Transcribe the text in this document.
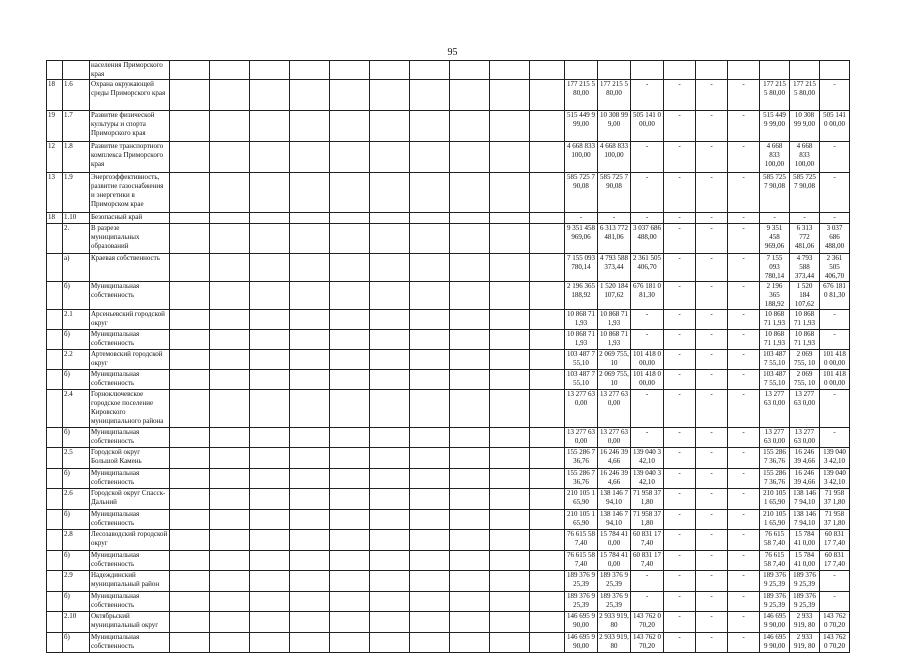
95
		населения Приморского края																			
18	1.6	Охрана окружающей среды Приморского края											177 215 5 80,00	177 215 5 80,00	-	-	-	-	177 215 5 80,00	177 215 5 80,00	-
19	1.7	Развитие физической культуры и спорта Приморского края											515 449 9 99,00	10 308 99 9,00	505 141 0 00,00	-	-	-	515 449 9 99,00	10 308 99 9,00	505 141 0 00,00
12	1.8	Развитие транспортного комплекса Приморского края											4 668 833 100,00	4 668 833 100,00	-	-	-	-	4 668 833 100,00	4 668 833 100,00	-
13	1.9	Энергоэффективность, развитие газоснабжения и энергетики в Приморском крае											585 725 7 90,08	585 725 7 90,08	-	-	-	-	585 725 7 90,08	585 725 7 90,08	-
18	1.10	Безопасный край											-	-	-	-	-	-	-	-	-
	2.	В разрезе муниципальных образований											9 351 458 969,06	6 313 772 481,06	3 037 686 488,00	-	-	-	9 351 458 969,06	6 313 772 481,06	3 037 686 488,00
	а)	Краевая собственность											7 155 093 780,14	4 793 588 373,44	2 361 505 406,70	-	-	-	7 155 093 780,14	4 793 588 373,44	2 361 505 406,70
	б)	Муниципальная собственность											2 196 365 188,92	1 520 184 107,62	676 181 0 81,30	-	-	-	2 196 365 188,92	1 520 184 107,62	676 181 0 81,30
	2.1	Арсеньевский городской округ											10 868 71 1,93	10 868 71 1,93	-	-	-	-	10 868 71 1,93	10 868 71 1,93	-
	б)	Муниципальная собственность											10 868 71 1,93	10 868 71 1,93	-	-	-	-	10 868 71 1,93	10 868 71 1,93	-
	2.2	Артемовский городской округ											103 487 7 55,10	2 069 755, 10	101 418 0 00,00	-	-	-	103 487 7 55,10	2 069 755, 10	101 418 0 00,00
	б)	Муниципальная собственность											103 487 7 55,10	2 069 755, 10	101 418 0 00,00	-	-	-	103 487 7 55,10	2 069 755, 10	101 418 0 00,00
	2.4	Горноключевское городское поселение Кировского муниципального района											13 277 63 0,00	13 277 63 0,00	-	-	-	-	13 277 63 0,00	13 277 63 0,00	-
	б)	Муниципальная собственность											13 277 63 0,00	13 277 63 0,00	-	-	-	-	13 277 63 0,00	13 277 63 0,00	-
	2.5	Городской округ Большой Камень											155 286 7 36,76	16 246 39 4,66	139 040 3 42,10	-	-	-	155 286 7 36,76	16 246 39 4,66	139 040 3 42,10
	б)	Муниципальная собственность											155 286 7 36,76	16 246 39 4,66	139 040 3 42,10	-	-	-	155 286 7 36,76	16 246 39 4,66	139 040 3 42,10
	2.6	Городской округ Спасск-Дальний											210 105 1 65,90	138 146 7 94,10	71 958 37 1,80	-	-	-	210 105 1 65,90	138 146 7 94,10	71 958 37 1,80
	б)	Муниципальная собственность											210 105 1 65,90	138 146 7 94,10	71 958 37 1,80	-	-	-	210 105 1 65,90	138 146 7 94,10	71 958 37 1,80
	2.8	Лесозаводский городской округ											76 615 58 7,40	15 784 41 0,00	60 831 17 7,40	-	-	-	76 615 58 7,40	15 784 41 0,00	60 831 17 7,40
	б)	Муниципальная собственность											76 615 58 7,40	15 784 41 0,00	60 831 17 7,40	-	-	-	76 615 58 7,40	15 784 41 0,00	60 831 17 7,40
	2.9	Надеждинский муниципальный район											189 376 9 25,39	189 376 9 25,39	-	-	-	-	189 376 9 25,39	189 376 9 25,39	-
	б)	Муниципальная собственность											189 376 9 25,39	189 376 9 25,39	-	-	-	-	189 376 9 25,39	189 376 9 25,39	-
	2.10	Октябрьский муниципальный округ											146 695 9 90,00	2 933 919, 80	143 762 0 70,20	-	-	-	146 695 9 90,00	2 933 919, 80	143 762 0 70,20
	б)	Муниципальная собственность											146 695 9 90,00	2 933 919, 80	143 762 0 70,20	-	-	-	146 695 9 90,00	2 933 919, 80	143 762 0 70,20
